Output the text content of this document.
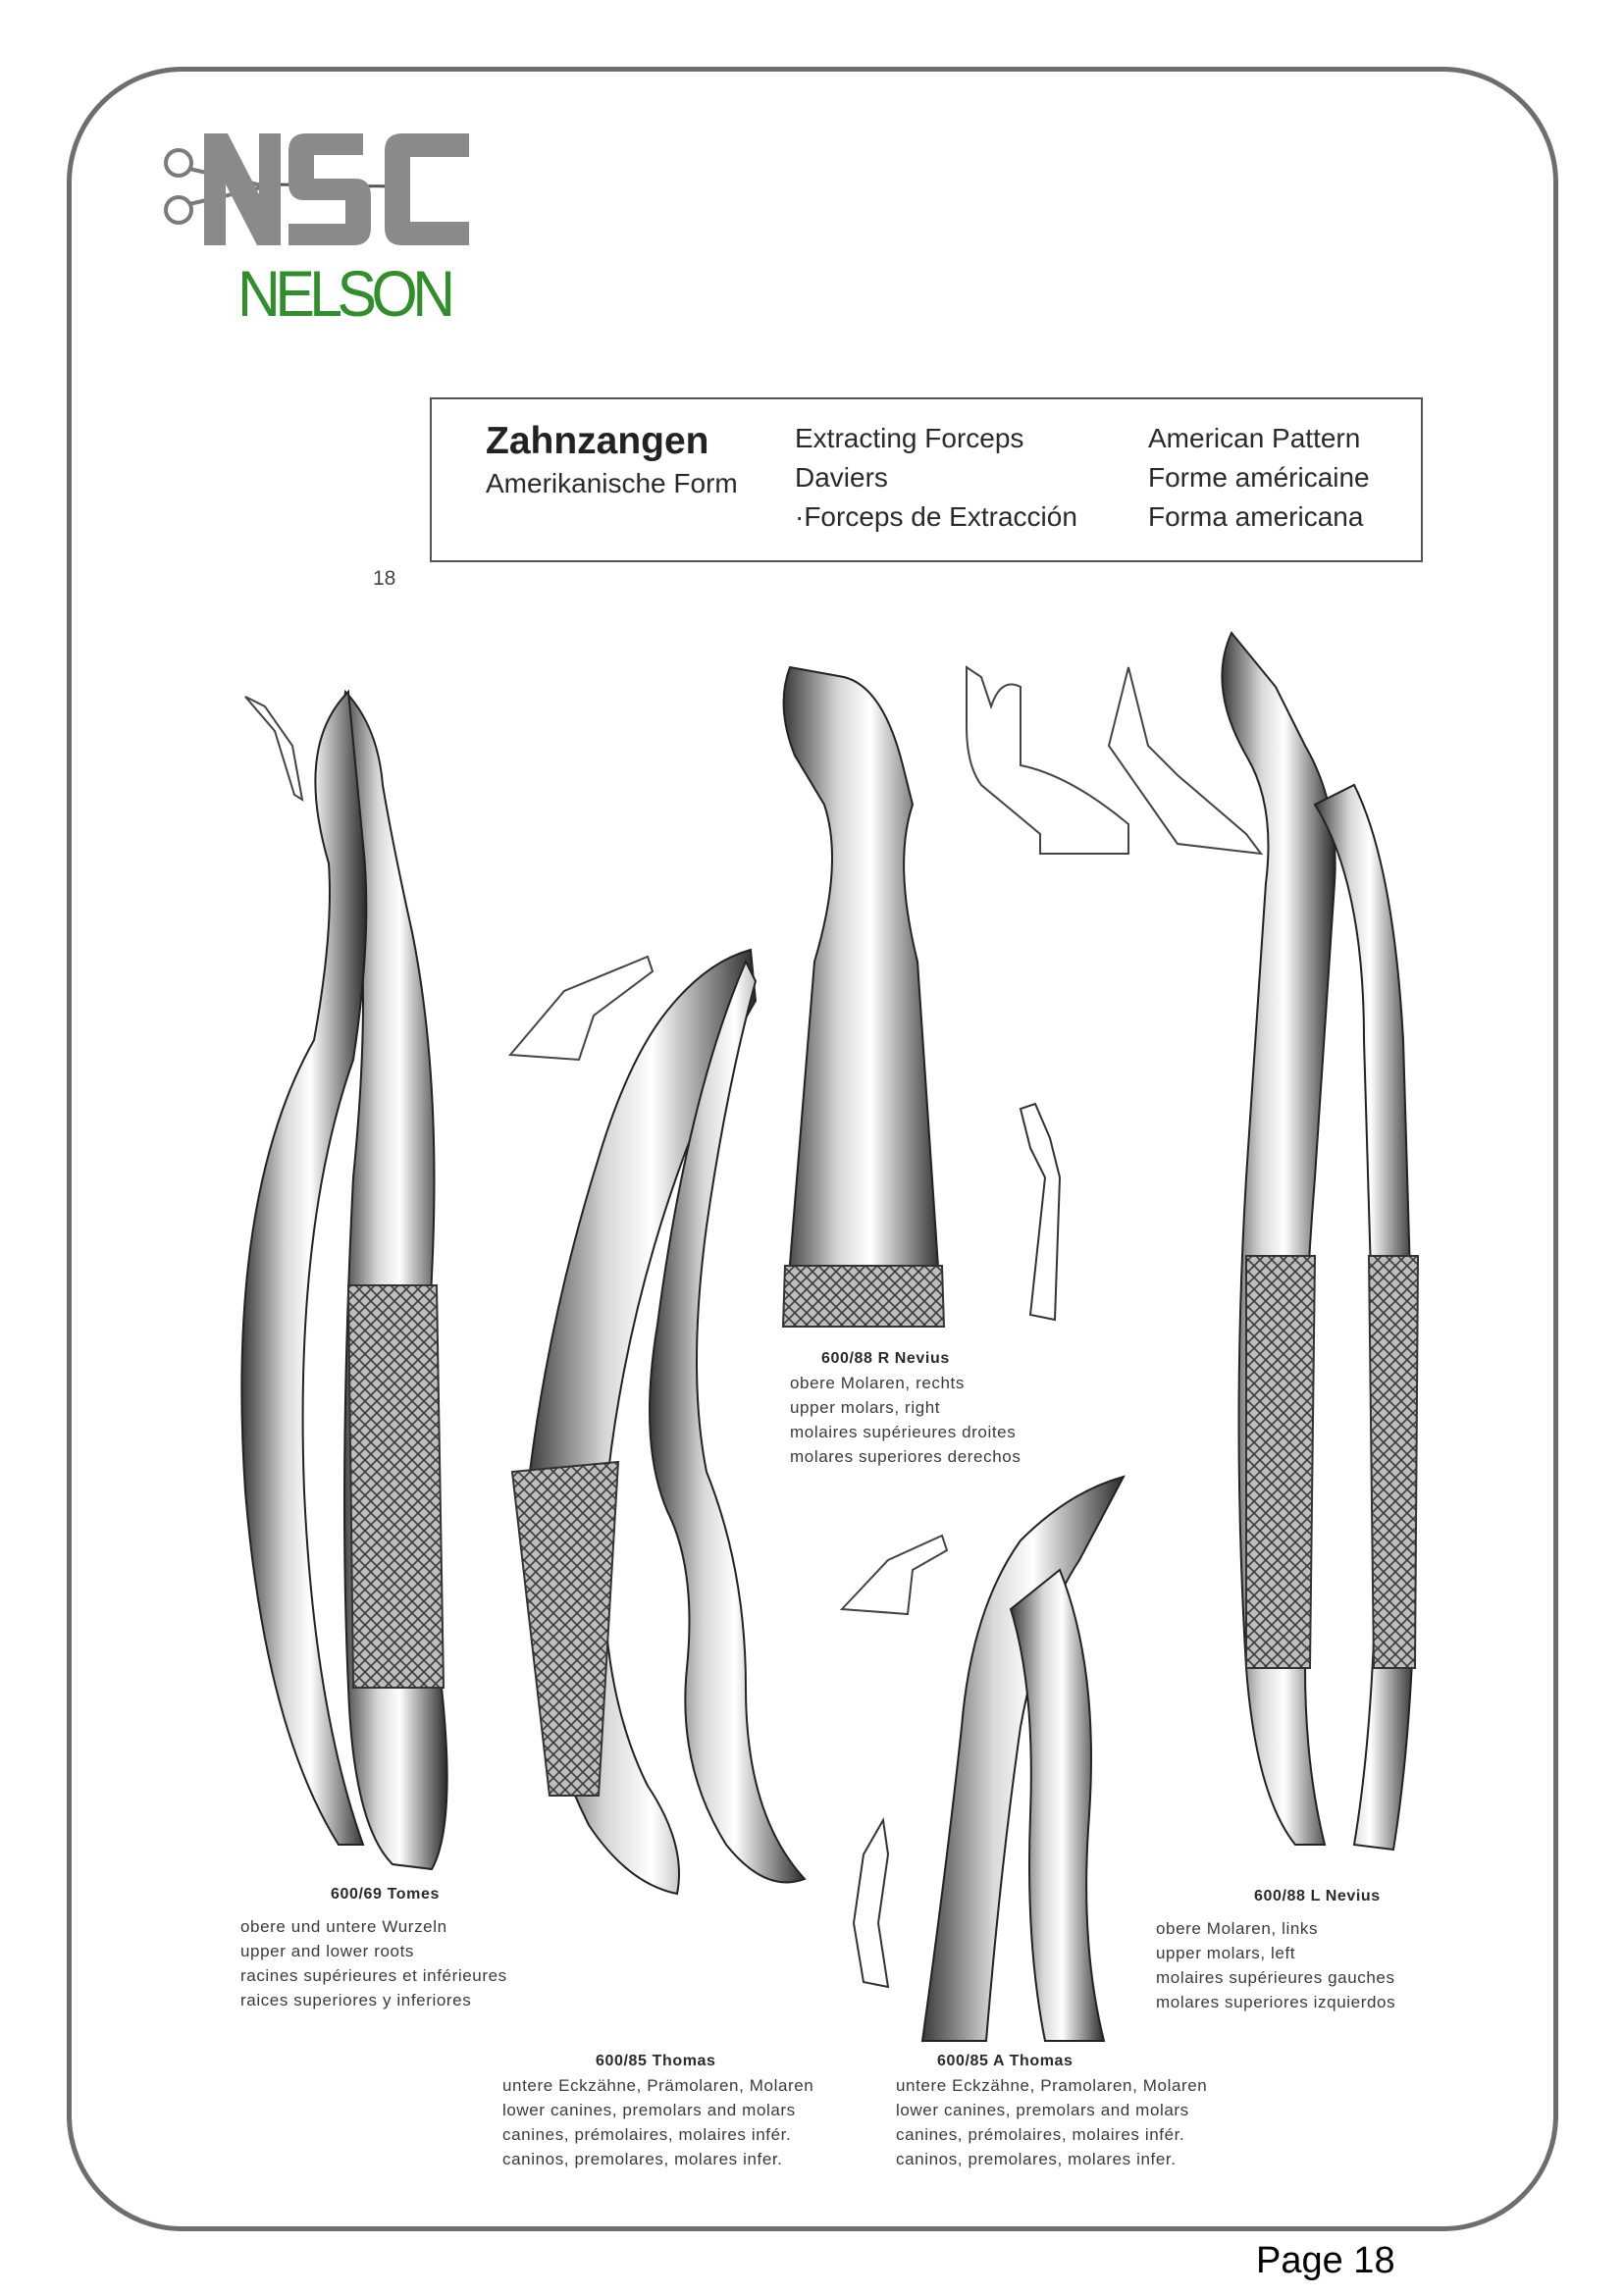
NELSON
Zahnzangen
Amerikanische Form
Extracting Forceps
Daviers
·Forceps de Extracción
American Pattern
Forme américaine
Forma americana
18
600/69 Tomes
obere und untere Wurzeln
upper and lower roots
racines supérieures et inférieures
raices superiores y inferiores
600/85 Thomas
untere Eckzähne, Prämolaren, Molaren
lower canines, premolars and molars
canines, prémolaires, molaires infér.
caninos, premolares, molares infer.
600/88 R Nevius
obere Molaren, rechts
upper molars, right
molaires supérieures droites
molares superiores derechos
600/85 A Thomas
untere Eckzähne, Pramolaren, Molaren
lower canines, premolars and molars
canines, prémolaires, molaires infér.
caninos, premolares, molares infer.
600/88 L Nevius
obere Molaren, links
upper molars, left
molaires supérieures gauches
molares superiores izquierdos
Page 18
